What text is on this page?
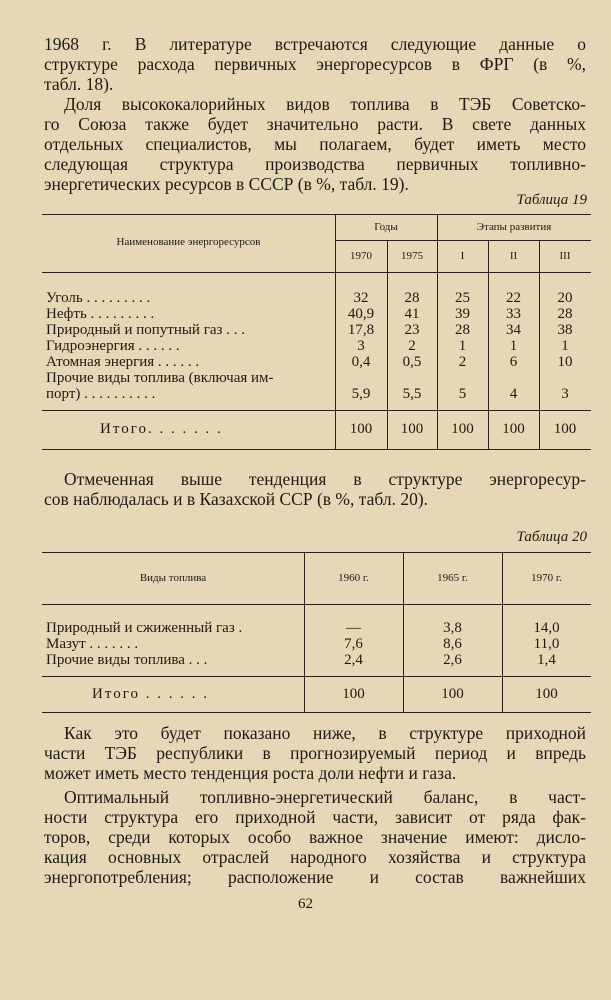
1968 г. В литературе встречаются следующие данные о
структуре расхода первичных энергоресурсов в ФРГ (в %,
табл. 18).

Доля высококалорийных видов топлива в ТЭБ Советско-
го Союза также будет значительно расти. В свете данных
отдельных специалистов, мы полагаем, будет иметь место
следующая структура производства первичных топливно-
энергетических ресурсов в СССР (в %, табл. 19).

Таблица 19
Наименование энергоресурсов
Годы	Этапы развития
1970	1975	I	II	III
Уголь . . . . . . . . .	32	28	25	22	20
Нефть . . . . . . . . .	40,9	41	39	33	28
Природный и попутный газ . . .	17,8	23	28	34	38
Гидроэнергия . . . . . .	3	2	1	1	1
Атомная энергия . . . . . .	0,4	0,5	2	6	10
Прочие виды топлива (включая им-
порт) . . . . . . . . . .	5,9	5,5	5	4	3
Итого. . . . . . .	100	100	100	100	100

Отмеченная выше тенденция в структуре энергоресур-
сов наблюдалась и в Казахской ССР (в %, табл. 20).

Таблица 20
Виды топлива	1960 г.	1965 г.	1970 г.
Природный и сжиженный газ .	—	3,8	14,0
Мазут . . . . . . .	7,6	8,6	11,0
Прочие виды топлива . . .	2,4	2,6	1,4
Итого . . . . . .	100	100	100

Как это будет показано ниже, в структуре приходной
части ТЭБ республики в прогнозируемый период и впредь
может иметь место тенденция роста доли нефти и газа.

Оптимальный топливно-энергетический баланс, в част-
ности структура его приходной части, зависит от ряда фак-
торов, среди которых особо важное значение имеют: дисло-
кация основных отраслей народного хозяйства и структура
энергопотребления; расположение и состав важнейших

62
